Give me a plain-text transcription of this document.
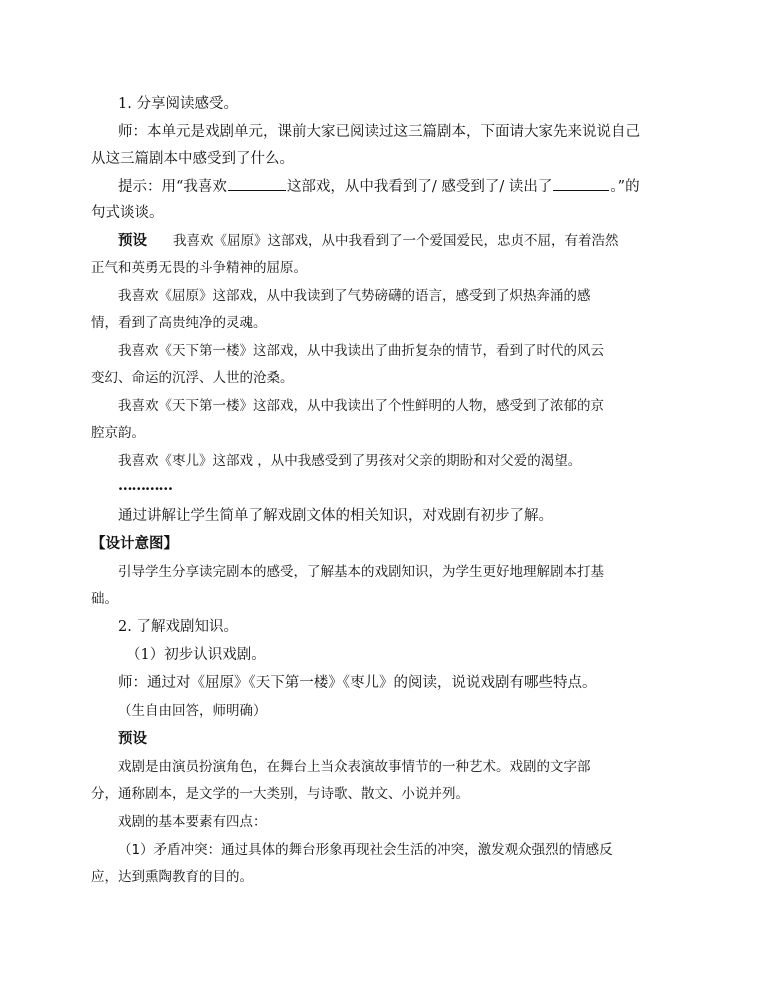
1. 分享阅读感受。
师：本单元是戏剧单元，课前大家已阅读过这三篇剧本，下面请大家先来说说自己
从这三篇剧本中感受到了什么。
提示：用“我喜欢	这部戏，从中我看到了/ 感受到了/ 读出了	。”的
句式谈谈。
预设 我喜欢《屈原》这部戏，从中我看到了一个爱国爱民，忠贞不屈，有着浩然
正气和英勇无畏的斗争精神的屈原。
我喜欢《屈原》这部戏，从中我读到了气势磅礴的语言，感受到了炽热奔涌的感
情，看到了高贵纯净的灵魂。
我喜欢《天下第一楼》这部戏，从中我读出了曲折复杂的情节，看到了时代的风云
变幻、命运的沉浮、人世的沧桑。
我喜欢《天下第一楼》这部戏，从中我读出了个性鲜明的人物，感受到了浓郁的京
腔京韵。
我喜欢《枣儿》这部戏 ，从中我感受到了男孩对父亲的期盼和对父爱的渴望。
…………
通过讲解让学生简单了解戏剧文体的相关知识，对戏剧有初步了解。
【设计意图】
引导学生分享读完剧本的感受，了解基本的戏剧知识，为学生更好地理解剧本打基
础。
2. 了解戏剧知识。
（1）初步认识戏剧。
师：通过对《屈原》《天下第一楼》《枣儿》的阅读，说说戏剧有哪些特点。
（生自由回答，师明确）
预设
戏剧是由演员扮演角色，在舞台上当众表演故事情节的一种艺术。戏剧的文字部
分，通称剧本，是文学的一大类别，与诗歌、散文、小说并列。
戏剧的基本要素有四点：
（1）矛盾冲突：通过具体的舞台形象再现社会生活的冲突，激发观众强烈的情感反
应，达到熏陶教育的目的。
